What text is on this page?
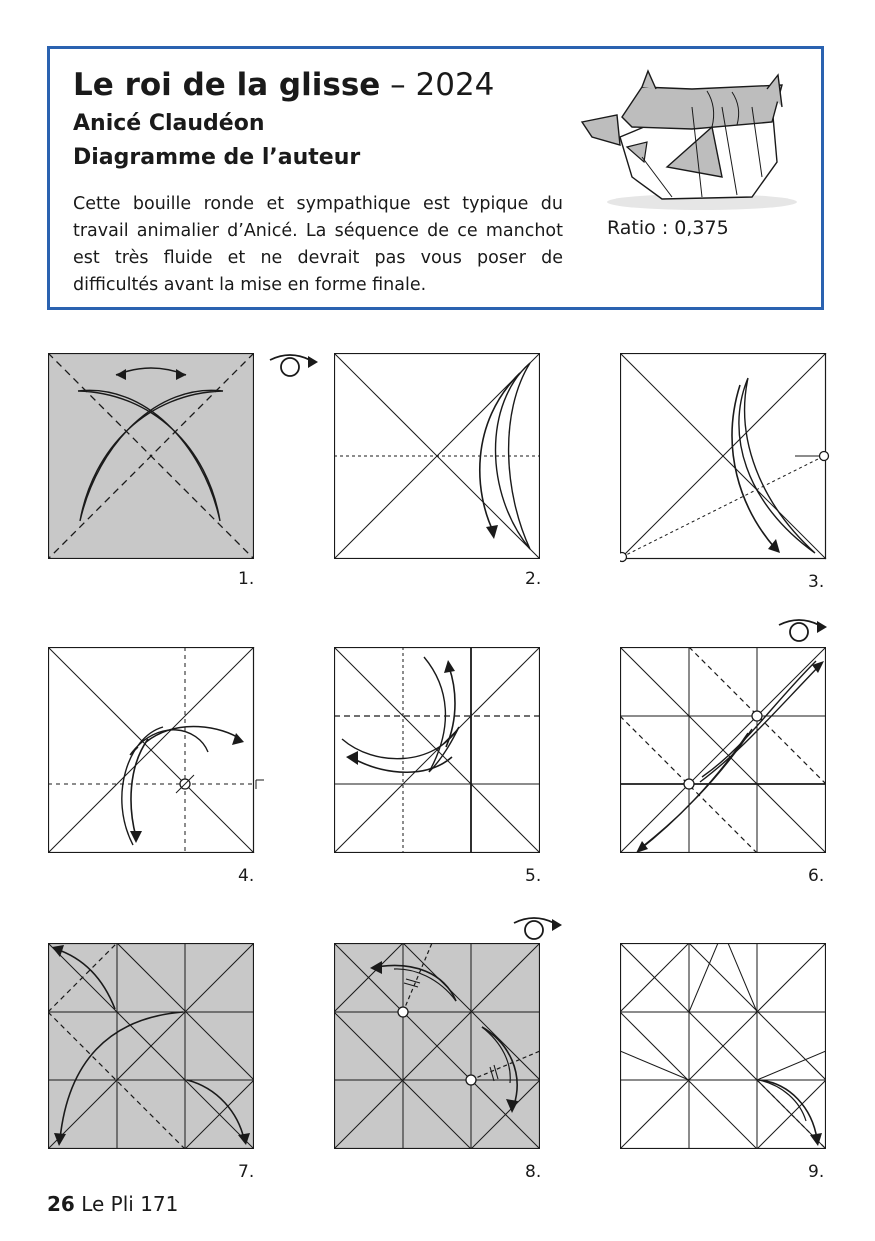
Le roi de la glisse – 2024
Anicé Claudéon
Diagramme de l’auteur
Cette bouille ronde et sympathique est typique du travail animalier d’Anicé. La séquence de ce manchot est très fluide et ne devrait pas vous poser de difficultés avant la mise en forme finale.
Ratio : 0,375
1.	2.	3.
4.	5.	6.
7.	8.	9.
26 Le Pli 171
